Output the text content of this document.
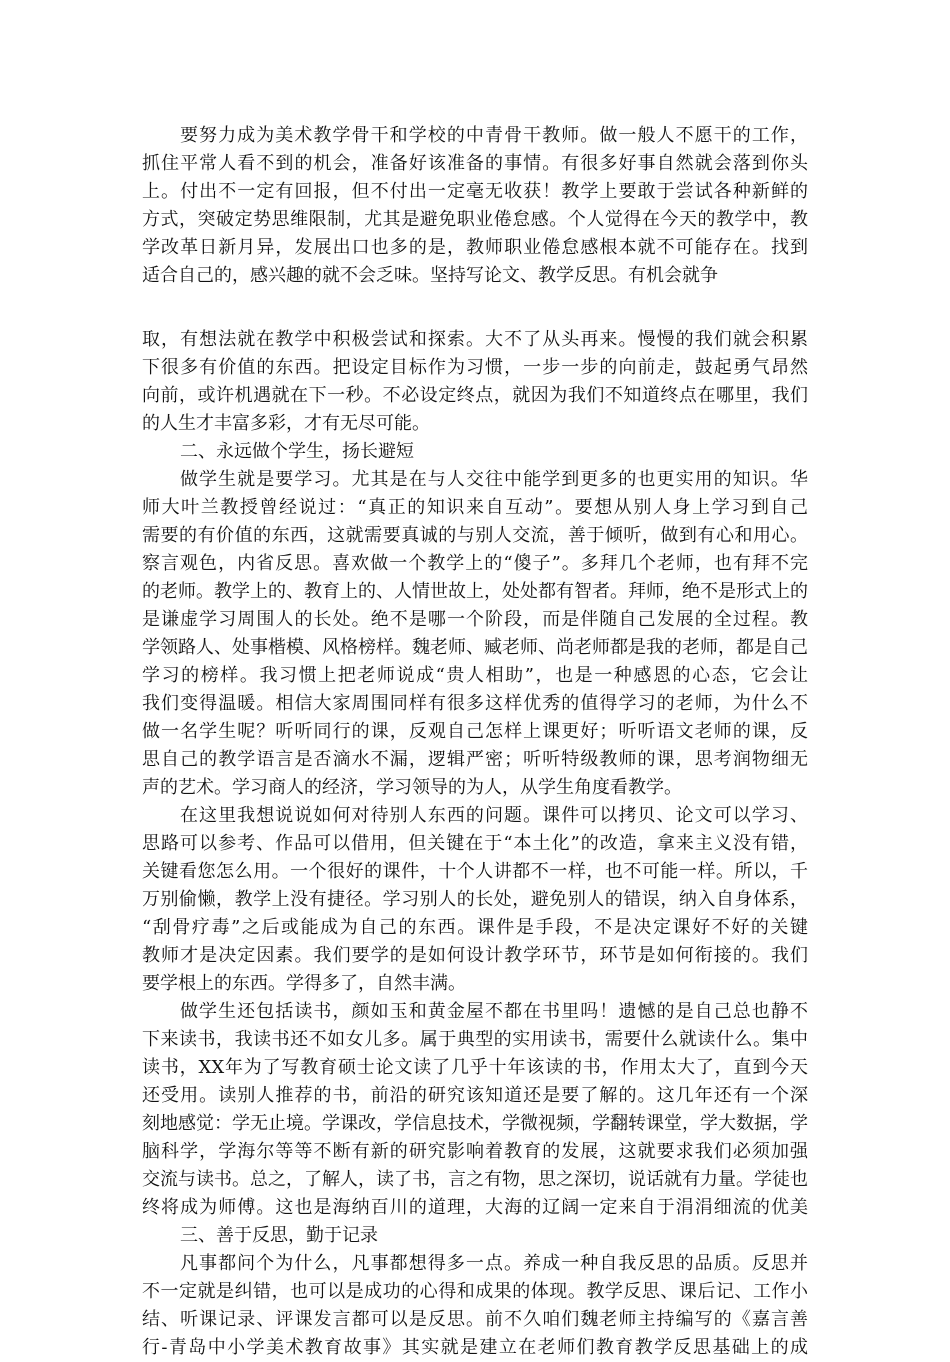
要努力成为美术教学骨干和学校的中青骨干教师。做一般人不愿干的工作，
抓住平常人看不到的机会，准备好该准备的事情。有很多好事自然就会落到你头
上。付出不一定有回报，但不付出一定毫无收获！教学上要敢于尝试各种新鲜的
方式，突破定势思维限制，尤其是避免职业倦怠感。个人觉得在今天的教学中，教
学改革日新月异，发展出口也多的是，教师职业倦怠感根本就不可能存在。找到
适合自己的，感兴趣的就不会乏味。坚持写论文、教学反思。有机会就争
取，有想法就在教学中积极尝试和探索。大不了从头再来。慢慢的我们就会积累
下很多有价值的东西。把设定目标作为习惯，一步一步的向前走，鼓起勇气昂然
向前，或许机遇就在下一秒。不必设定终点，就因为我们不知道终点在哪里，我们
的人生才丰富多彩，才有无尽可能。
二、永远做个学生，扬长避短
做学生就是要学习。尤其是在与人交往中能学到更多的也更实用的知识。华
师大叶兰教授曾经说过：“真正的知识来自互动”。要想从别人身上学习到自己
需要的有价值的东西，这就需要真诚的与别人交流，善于倾听，做到有心和用心。
察言观色，内省反思。喜欢做一个教学上的“傻子”。多拜几个老师，也有拜不完
的老师。教学上的、教育上的、人情世故上，处处都有智者。拜师，绝不是形式上的
是谦虚学习周围人的长处。绝不是哪一个阶段，而是伴随自己发展的全过程。教
学领路人、处事楷模、风格榜样。魏老师、臧老师、尚老师都是我的老师，都是自己
学习的榜样。我习惯上把老师说成“贵人相助”，也是一种感恩的心态，它会让
我们变得温暖。相信大家周围同样有很多这样优秀的值得学习的老师，为什么不
做一名学生呢？听听同行的课，反观自己怎样上课更好；听听语文老师的课，反
思自己的教学语言是否滴水不漏，逻辑严密；听听特级教师的课，思考润物细无
声的艺术。学习商人的经济，学习领导的为人，从学生角度看教学。
在这里我想说说如何对待别人东西的问题。课件可以拷贝、论文可以学习、
思路可以参考、作品可以借用，但关键在于“本土化”的改造，拿来主义没有错，
关键看您怎么用。一个很好的课件，十个人讲都不一样，也不可能一样。所以，千
万别偷懒，教学上没有捷径。学习别人的长处，避免别人的错误，纳入自身体系，
“刮骨疗毒”之后或能成为自己的东西。课件是手段，不是决定课好不好的关键
教师才是决定因素。我们要学的是如何设计教学环节，环节是如何衔接的。我们
要学根上的东西。学得多了，自然丰满。
做学生还包括读书，颜如玉和黄金屋不都在书里吗！遗憾的是自己总也静不
下来读书，我读书还不如女儿多。属于典型的实用读书，需要什么就读什么。集中
读书，XX年为了写教育硕士论文读了几乎十年该读的书，作用太大了，直到今天
还受用。读别人推荐的书，前沿的研究该知道还是要了解的。这几年还有一个深
刻地感觉：学无止境。学课改，学信息技术，学微视频，学翻转课堂，学大数据，学
脑科学，学海尔等等不断有新的研究影响着教育的发展，这就要求我们必须加强
交流与读书。总之，了解人，读了书，言之有物，思之深切，说话就有力量。学徒也
终将成为师傅。这也是海纳百川的道理，大海的辽阔一定来自于涓涓细流的优美
三、善于反思，勤于记录
凡事都问个为什么，凡事都想得多一点。养成一种自我反思的品质。反思并
不一定就是纠错，也可以是成功的心得和成果的体现。教学反思、课后记、工作小
结、听课记录、评课发言都可以是反思。前不久咱们魏老师主持编写的《嘉言善
行-青岛中小学美术教育故事》其实就是建立在老师们教育教学反思基础上的成
